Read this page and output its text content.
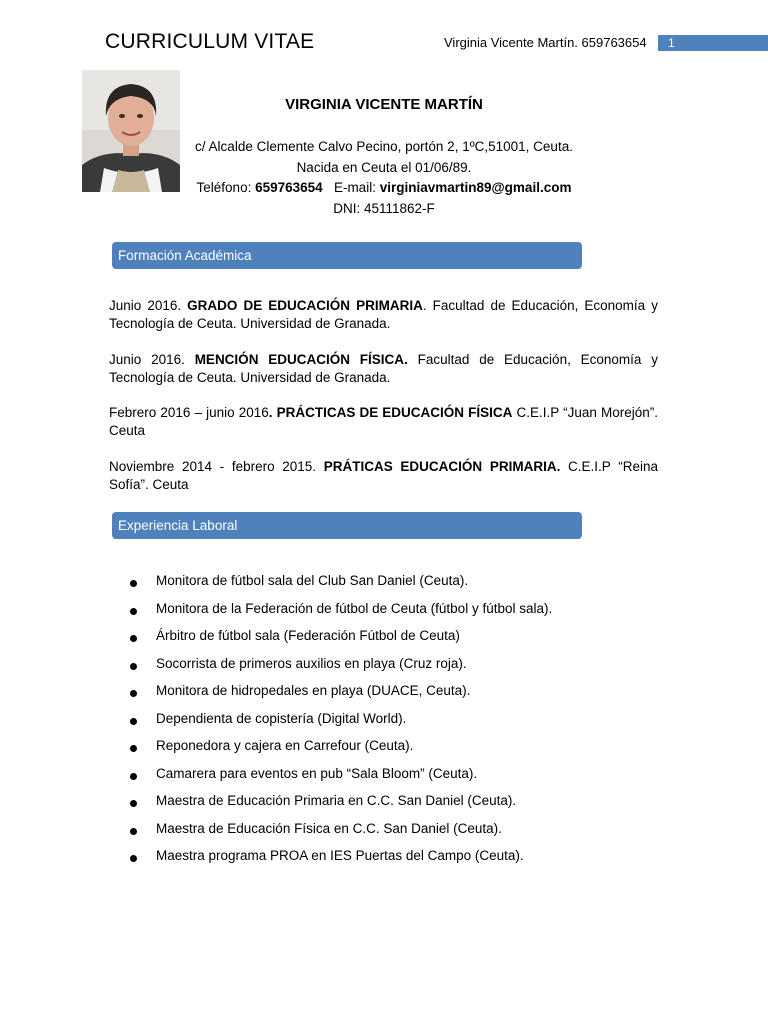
CURRICULUM VITAE	Virginia Vicente Martín. 659763654 1
VIRGINIA VICENTE MARTÍN
c/ Alcalde Clemente Calvo Pecino, portón 2, 1ºC,51001, Ceuta.
Nacida en Ceuta el 01/06/89.
Teléfono: 659763654 E-mail: virginiavmartin89@gmail.com
DNI: 45111862-F
Formación Académica
Junio 2016. GRADO DE EDUCACIÓN PRIMARIA. Facultad de Educación, Economía y Tecnología de Ceuta. Universidad de Granada.
Junio 2016. MENCIÓN EDUCACIÓN FÍSICA. Facultad de Educación, Economía y Tecnología de Ceuta. Universidad de Granada.
Febrero 2016 – junio 2016. PRÁCTICAS DE EDUCACIÓN FÍSICA C.E.I.P “Juan Morejón”. Ceuta
Noviembre 2014 - febrero 2015. PRÁTICAS EDUCACIÓN PRIMARIA. C.E.I.P “Reina Sofía”. Ceuta
Experiencia Laboral
Monitora de fútbol sala del Club San Daniel (Ceuta).
Monitora de la Federación de fútbol de Ceuta (fútbol y fútbol sala).
Árbitro de fútbol sala (Federación Fútbol de Ceuta)
Socorrista de primeros auxilios en playa (Cruz roja).
Monitora de hidropedales en playa (DUACE, Ceuta).
Dependienta de copistería (Digital World).
Reponedora y cajera en Carrefour (Ceuta).
Camarera para eventos en pub “Sala Bloom” (Ceuta).
Maestra de Educación Primaria en C.C. San Daniel (Ceuta).
Maestra de Educación Física en C.C. San Daniel (Ceuta).
Maestra programa PROA en IES Puertas del Campo (Ceuta).
